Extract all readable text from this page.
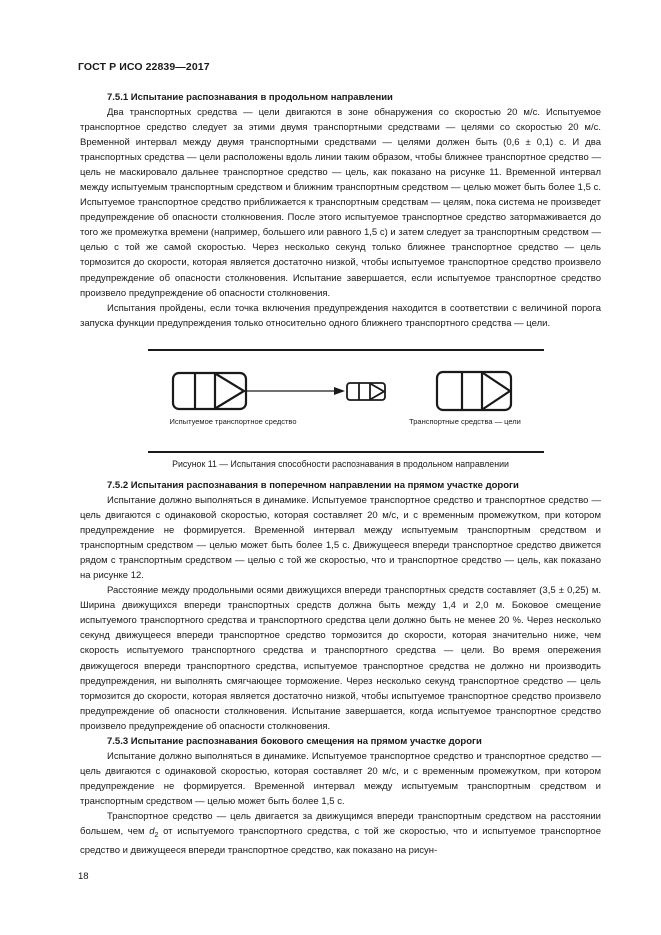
ГОСТ Р ИСО 22839—2017
7.5.1 Испытание распознавания в продольном направлении

Два транспортных средства — цели двигаются в зоне обнаружения со скоростью 20 м/с. Испытуемое транспортное средство следует за этими двумя транспортными средствами — целями со скоростью 20 м/с. Временной интервал между двумя транспортными средствами — целями должен быть (0,6 ± 0,1) с. И два транспортных средства — цели расположены вдоль линии таким образом, чтобы ближнее транспортное средство — цель не маскировало дальнее транспортное средство — цель, как показано на рисунке 11. Временной интервал между испытуемым транспортным средством и ближним транспортным средством — целью может быть более 1,5 с. Испытуемое транспортное средство приближается к транспортным средствам — целям, пока система не произведет предупреждение об опасности столкновения. После этого испытуемое транспортное средство затормаживается до того же промежутка времени (например, большего или равного 1,5 с) и затем следует за транспортным средством — целью с той же самой скоростью. Через несколько секунд только ближнее транспортное средство — цель тормозится до скорости, которая является достаточно низкой, чтобы испытуемое транспортное средство произвело предупреждение об опасности столкновения. Испытание завершается, если испытуемое транспортное средство произвело предупреждение об опасности столкновения.

Испытания пройдены, если точка включения предупреждения находится в соответствии с величиной порога запуска функции предупреждения только относительно одного ближнего транспортного средства — цели.

Испытуемое транспортное средство	Транспортные средства — цели
Рисунок 11 — Испытания способности распознавания в продольном направлении
7.5.2 Испытания распознавания в поперечном направлении на прямом участке дороги

Испытание должно выполняться в динамике. Испытуемое транспортное средство и транспортное средство — цель двигаются с одинаковой скоростью, которая составляет 20 м/с, и с временным промежутком, при котором предупреждение не формируется. Временной интервал между испытуемым транспортным средством и транспортным средством — целью может быть более 1,5 с. Движущееся впереди транспортное средство движется рядом с транспортным средством — целью с той же скоростью, что и транспортное средство — цель, как показано на рисунке 12.

Расстояние между продольными осями движущихся впереди транспортных средств составляет (3,5 ± 0,25) м. Ширина движущихся впереди транспортных средств должна быть между 1,4 и 2,0 м. Боковое смещение испытуемого транспортного средства и транспортного средства цели должно быть не менее 20 %. Через несколько секунд движущееся впереди транспортное средство тормозится до скорости, которая значительно ниже, чем скорость испытуемого транспортного средства и транспортного средства — цели. Во время опережения движущегося впереди транспортного средства, испытуемое транспортное средства не должно ни производить предупреждения, ни выполнять смягчающее торможение. Через несколько секунд транспортное средство — цель тормозится до скорости, которая является достаточно низкой, чтобы испытуемое транспортное средство произвело предупреждение об опасности столкновения. Испытание завершается, когда испытуемое транспортное средство произвело предупреждение об опасности столкновения.

7.5.3 Испытание распознавания бокового смещения на прямом участке дороги

Испытание должно выполняться в динамике. Испытуемое транспортное средство и транспортное средство — цель двигаются с одинаковой скоростью, которая составляет 20 м/с, и с временным промежутком, при котором предупреждение не формируется. Временной интервал между испытуемым транспортным средством и транспортным средством — целью может быть более 1,5 с.

Транспортное средство — цель двигается за движущимся впереди транспортным средством на расстоянии большем, чем $d_2$ от испытуемого транспортного средства, с той же скоростью, что и испытуемое транспортное средство и движущееся впереди транспортное средство, как показано на рисун-

18
